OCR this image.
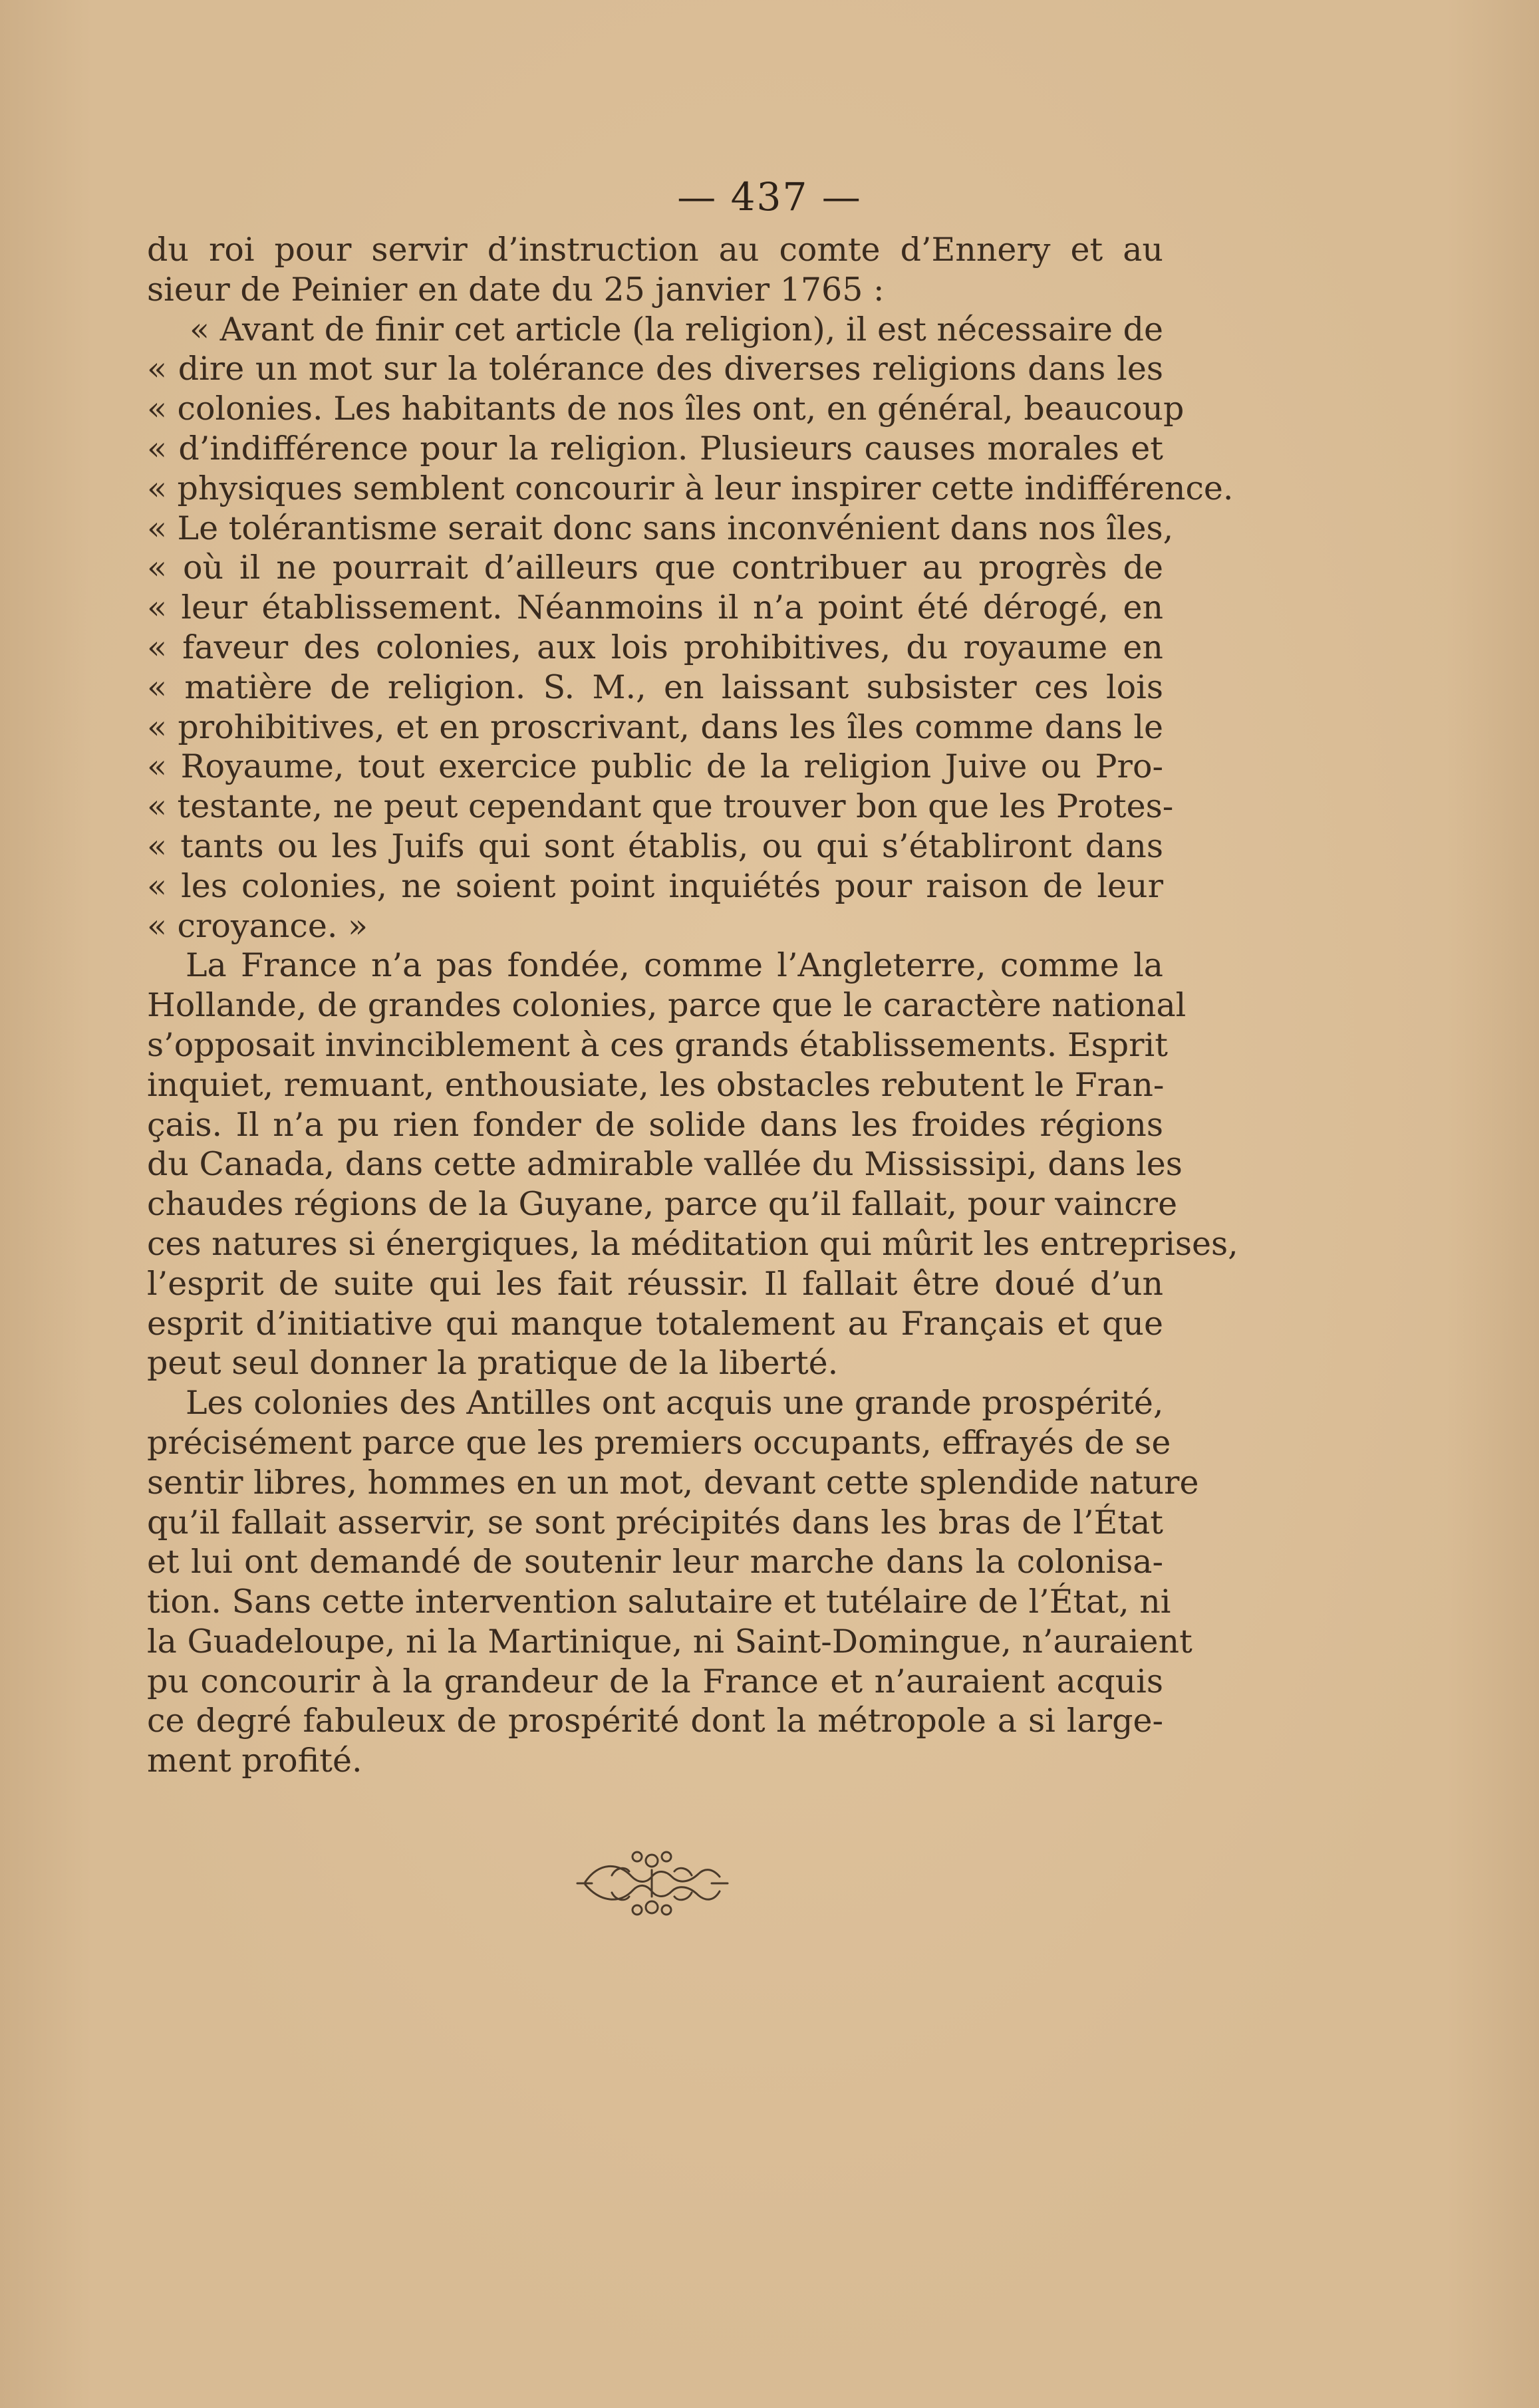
— 437 —
du roi pour servir d’instruction au comte d’Ennery et au
sieur de Peinier en date du 25 janvier 1765 :
« Avant de finir cet article (la religion), il est nécessaire de
« dire un mot sur la tolérance des diverses religions dans les
« colonies. Les habitants de nos îles ont, en général, beaucoup
« d’indifférence pour la religion. Plusieurs causes morales et
« physiques semblent concourir à leur inspirer cette indifférence.
« Le tolérantisme serait donc sans inconvénient dans nos îles,
« où il ne pourrait d’ailleurs que contribuer au progrès de
« leur établissement. Néanmoins il n’a point été dérogé, en
« faveur des colonies, aux lois prohibitives, du royaume en
« matière de religion. S. M., en laissant subsister ces lois
« prohibitives, et en proscrivant, dans les îles comme dans le
« Royaume, tout exercice public de la religion Juive ou Pro-
« testante, ne peut cependant que trouver bon que les Protes-
« tants ou les Juifs qui sont établis, ou qui s’établiront dans
« les colonies, ne soient point inquiétés pour raison de leur
« croyance. »
La France n’a pas fondée, comme l’Angleterre, comme la
Hollande, de grandes colonies, parce que le caractère national
s’opposait invinciblement à ces grands établissements. Esprit
inquiet, remuant, enthousiate, les obstacles rebutent le Fran-
çais. Il n’a pu rien fonder de solide dans les froides régions
du Canada, dans cette admirable vallée du Mississipi, dans les
chaudes régions de la Guyane, parce qu’il fallait, pour vaincre
ces natures si énergiques, la méditation qui mûrit les entreprises,
l’esprit de suite qui les fait réussir. Il fallait être doué d’un
esprit d’initiative qui manque totalement au Français et que
peut seul donner la pratique de la liberté.
Les colonies des Antilles ont acquis une grande prospérité,
précisément parce que les premiers occupants, effrayés de se
sentir libres, hommes en un mot, devant cette splendide nature
qu’il fallait asservir, se sont précipités dans les bras de l’État
et lui ont demandé de soutenir leur marche dans la colonisa-
tion. Sans cette intervention salutaire et tutélaire de l’État, ni
la Guadeloupe, ni la Martinique, ni Saint-Domingue, n’auraient
pu concourir à la grandeur de la France et n’auraient acquis
ce degré fabuleux de prospérité dont la métropole a si large-
ment profité.
